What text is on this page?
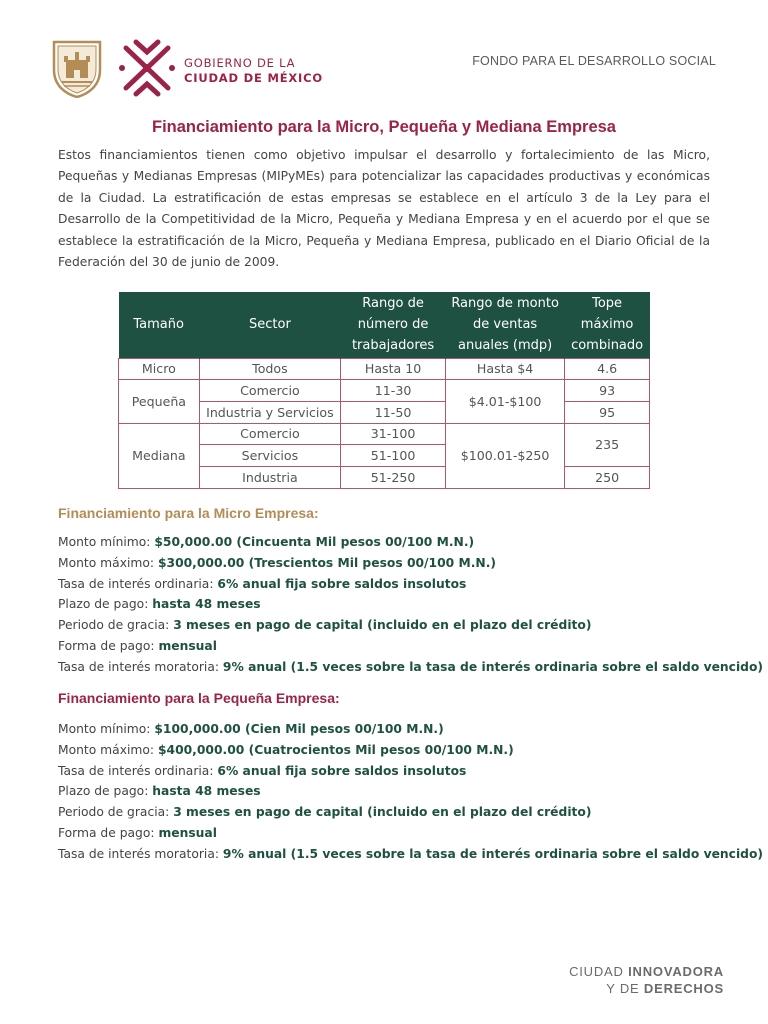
GOBIERNO DE LA
CIUDAD DE MÉXICO
FONDO PARA EL DESARROLLO SOCIAL
Financiamiento para la Micro, Pequeña y Mediana Empresa

Estos financiamientos tienen como objetivo impulsar el desarrollo y fortalecimiento de las Micro, Pequeñas y Medianas Empresas (MIPyMEs) para potencializar las capacidades productivas y económicas de la Ciudad. La estratificación de estas empresas se establece en el artículo 3 de la Ley para el Desarrollo de la Competitividad de la Micro, Pequeña y Mediana Empresa y en el acuerdo por el que se establece la estratificación de la Micro, Pequeña y Mediana Empresa, publicado en el Diario Oficial de la Federación del 30 de junio de 2009.

Tamaño	Sector	Rango de número de trabajadores	Rango de monto de ventas anuales (mdp)	Tope máximo combinado
Micro	Todos	Hasta 10	Hasta $4	4.6
Pequeña	Comercio	11-30	$4.01-$100	93
	Industria y Servicios	11-50		95
Mediana	Comercio	31-100	$100.01-$250	235
	Servicios	51-100		
	Industria	51-250		250
Financiamiento para la Micro Empresa:
Monto mínimo: $50,000.00 (Cincuenta Mil pesos 00/100 M.N.)
Monto máximo: $300,000.00 (Trescientos Mil pesos 00/100 M.N.)
Tasa de interés ordinaria: 6% anual fija sobre saldos insolutos
Plazo de pago: hasta 48 meses
Periodo de gracia: 3 meses en pago de capital (incluido en el plazo del crédito)
Forma de pago: mensual
Tasa de interés moratoria: 9% anual (1.5 veces sobre la tasa de interés ordinaria sobre el saldo vencido)
Financiamiento para la Pequeña Empresa:
Monto mínimo: $100,000.00 (Cien Mil pesos 00/100 M.N.)
Monto máximo: $400,000.00 (Cuatrocientos Mil pesos 00/100 M.N.)
Tasa de interés ordinaria: 6% anual fija sobre saldos insolutos
Plazo de pago: hasta 48 meses
Periodo de gracia: 3 meses en pago de capital (incluido en el plazo del crédito)
Forma de pago: mensual
Tasa de interés moratoria: 9% anual (1.5 veces sobre la tasa de interés ordinaria sobre el saldo vencido)
CIUDAD INNOVADORA
Y DE DERECHOS
